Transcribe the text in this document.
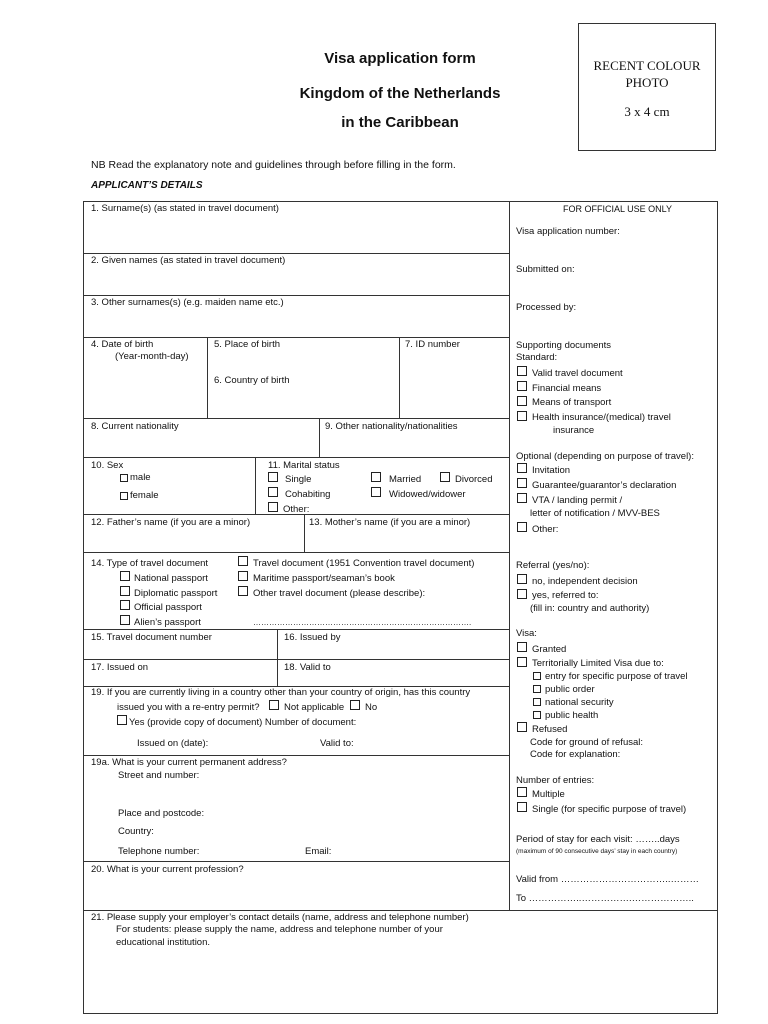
Visa application form
Kingdom of the Netherlands
in the Caribbean
RECENT COLOUR
PHOTO
3 x 4 cm
NB Read the explanatory note and guidelines through before filling in the form.
APPLICANT’S DETAILS
1. Surname(s) (as stated in travel document)
2. Given names (as stated in travel document)
3. Other surnames(s) (e.g. maiden name etc.)
4. Date of birth
(Year-month-day)
5. Place of birth
6. Country of birth
7. ID number
8. Current nationality	9. Other nationality/nationalities
10. Sex
male
female
11. Marital status
Single	Married	Divorced
Cohabiting	Widowed/widower
Other:
12. Father’s name (if you are a minor)	13. Mother’s name (if you are a minor)
14. Type of travel document
National passport
Diplomatic passport
Official passport
Alien’s passport
Travel document (1951 Convention travel document)
Maritime passport/seaman’s book
Other travel document (please describe):
……………………………………………………………………….
15. Travel document number	16. Issued by
17. Issued on	18. Valid to
19. If you are currently living in a country other than your country of origin, has this country
issued you with a re-entry permit?	Not applicable No
Yes (provide copy of document) Number of document:
Issued on (date):	Valid to:
19a. What is your current permanent address?
Street and number:
Place and postcode:
Country:
Telephone number:	Email:
20. What is your current profession?
21. Please supply your employer’s contact details (name, address and telephone number)
For students: please supply the name, address and telephone number of your
educational institution.
FOR OFFICIAL USE ONLY
Visa application number:
Submitted on:
Processed by:
Supporting documents
Standard:
Valid travel document
Financial means
Means of transport
Health insurance/(medical) travel
insurance
Optional (depending on purpose of travel):
Invitation
Guarantee/guarantor’s declaration
VTA / landing permit /
letter of notification / MVV-BES
Other:
Referral (yes/no):
no, independent decision
yes, referred to:
(fill in: country and authority)
Visa:
Granted
Territorially Limited Visa due to:
entry for specific purpose of travel
public order
national security
public health
Refused
Code for ground of refusal:
Code for explanation:
Number of entries:
Multiple
Single (for specific purpose of travel)
Period of stay for each visit: ……..days
(maximum of 90 consecutive days’ stay in each country)
Valid from ……………………………..………
To ……………..…………….………………..
